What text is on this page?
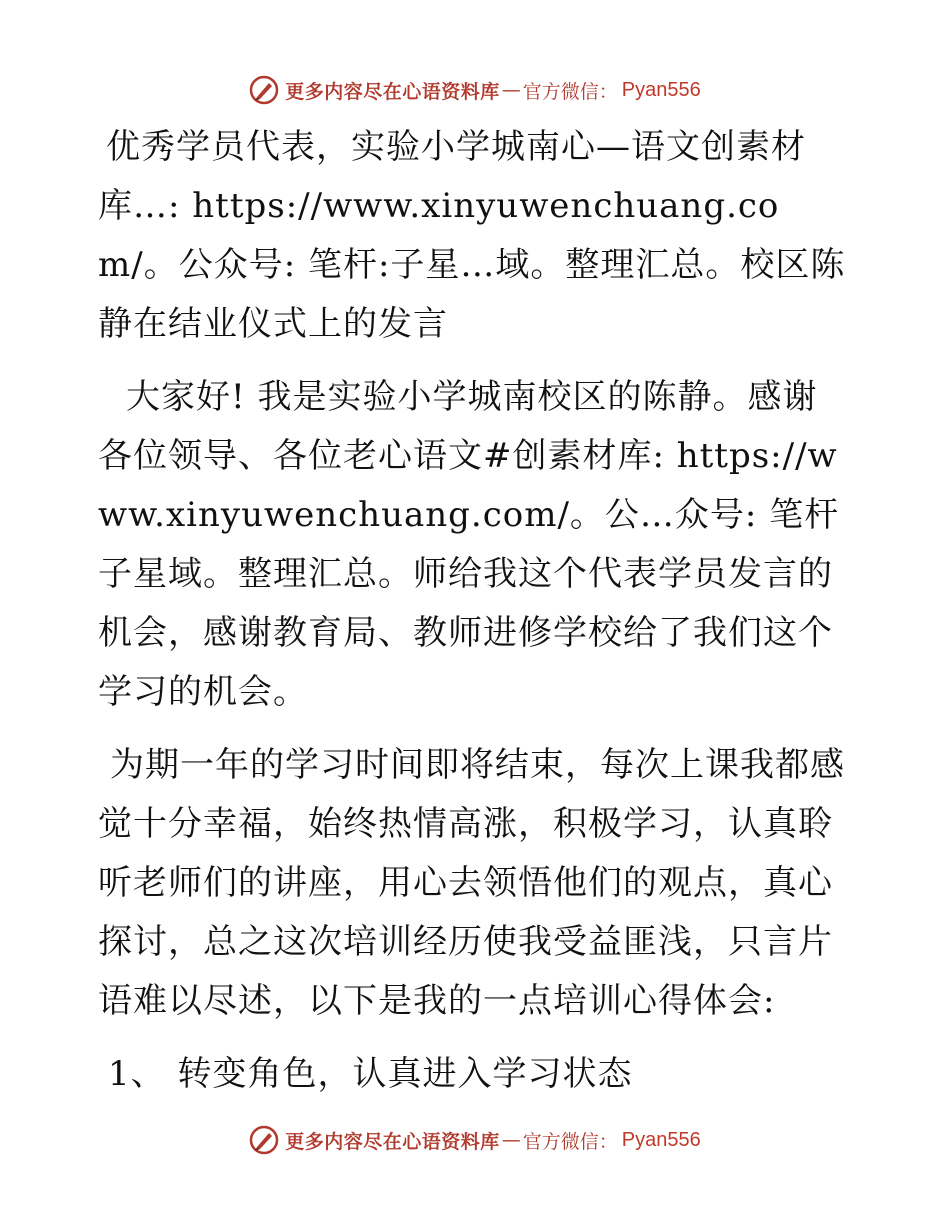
更多内容尽在心语资料库 — 官方微信： Pyan556

优秀学员代表，实验小学城南心—语文创素材库…: https://www.xinyuwenchuang.com/。公众号: 笔杆:子星…域。整理汇总。校区陈静在结业仪式上的发言

大家好! 我是实验小学城南校区的陈静。感谢各位领导、各位老心语文#创素材库: https://www.xinyuwenchuang.com/。公…众号: 笔杆子星域。整理汇总。师给我这个代表学员发言的机会，感谢教育局、教师进修学校给了我们这个学习的机会。

为期一年的学习时间即将结束，每次上课我都感觉十分幸福，始终热情高涨，积极学习，认真聆听老师们的讲座，用心去领悟他们的观点，真心探讨，总之这次培训经历使我受益匪浅，只言片语难以尽述，以下是我的一点培训心得体会:

1、 转变角色，认真进入学习状态

更多内容尽在心语资料库 — 官方微信： Pyan556
